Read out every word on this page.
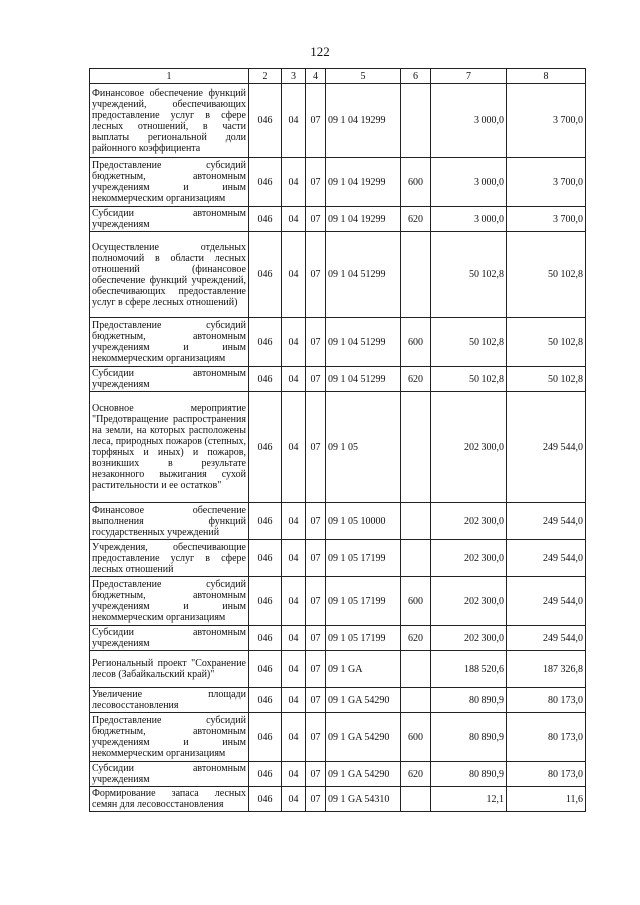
122
1	2	3	4	5	6	7	8
Финансовое обеспечение функций учреждений, обеспечивающих предоставление услуг в сфере лесных отношений, в части выплаты региональной доли районного коэффициента	046	04	07	09 1 04 19299		3 000,0	3 700,0
Предоставление субсидий бюджетным, автономным учреждениям и иным некоммерческим организациям	046	04	07	09 1 04 19299	600	3 000,0	3 700,0
Субсидии автономным учреждениям	046	04	07	09 1 04 19299	620	3 000,0	3 700,0
Осуществление отдельных полномочий в области лесных отношений (финансовое обеспечение функций учреждений, обеспечивающих предоставление услуг в сфере лесных отношений)	046	04	07	09 1 04 51299		50 102,8	50 102,8
Предоставление субсидий бюджетным, автономным учреждениям и иным некоммерческим организациям	046	04	07	09 1 04 51299	600	50 102,8	50 102,8
Субсидии автономным учреждениям	046	04	07	09 1 04 51299	620	50 102,8	50 102,8
Основное мероприятие "Предотвращение распространения на земли, на которых расположены леса, природных пожаров (степных, торфяных и иных) и пожаров, возникших в результате незаконного выжигания сухой растительности и ее остатков"	046	04	07	09 1 05		202 300,0	249 544,0
Финансовое обеспечение выполнения функций государственных учреждений	046	04	07	09 1 05 10000		202 300,0	249 544,0
Учреждения, обеспечивающие предоставление услуг в сфере лесных отношений	046	04	07	09 1 05 17199		202 300,0	249 544,0
Предоставление субсидий бюджетным, автономным учреждениям и иным некоммерческим организациям	046	04	07	09 1 05 17199	600	202 300,0	249 544,0
Субсидии автономным учреждениям	046	04	07	09 1 05 17199	620	202 300,0	249 544,0
Региональный проект "Сохранение лесов (Забайкальский край)"	046	04	07	09 1 GA		188 520,6	187 326,8
Увеличение площади лесовосстановления	046	04	07	09 1 GA 54290		80 890,9	80 173,0
Предоставление субсидий бюджетным, автономным учреждениям и иным некоммерческим организациям	046	04	07	09 1 GA 54290	600	80 890,9	80 173,0
Субсидии автономным учреждениям	046	04	07	09 1 GA 54290	620	80 890,9	80 173,0
Формирование запаса лесных семян для лесовосстановления	046	04	07	09 1 GA 54310		12,1	11,6
